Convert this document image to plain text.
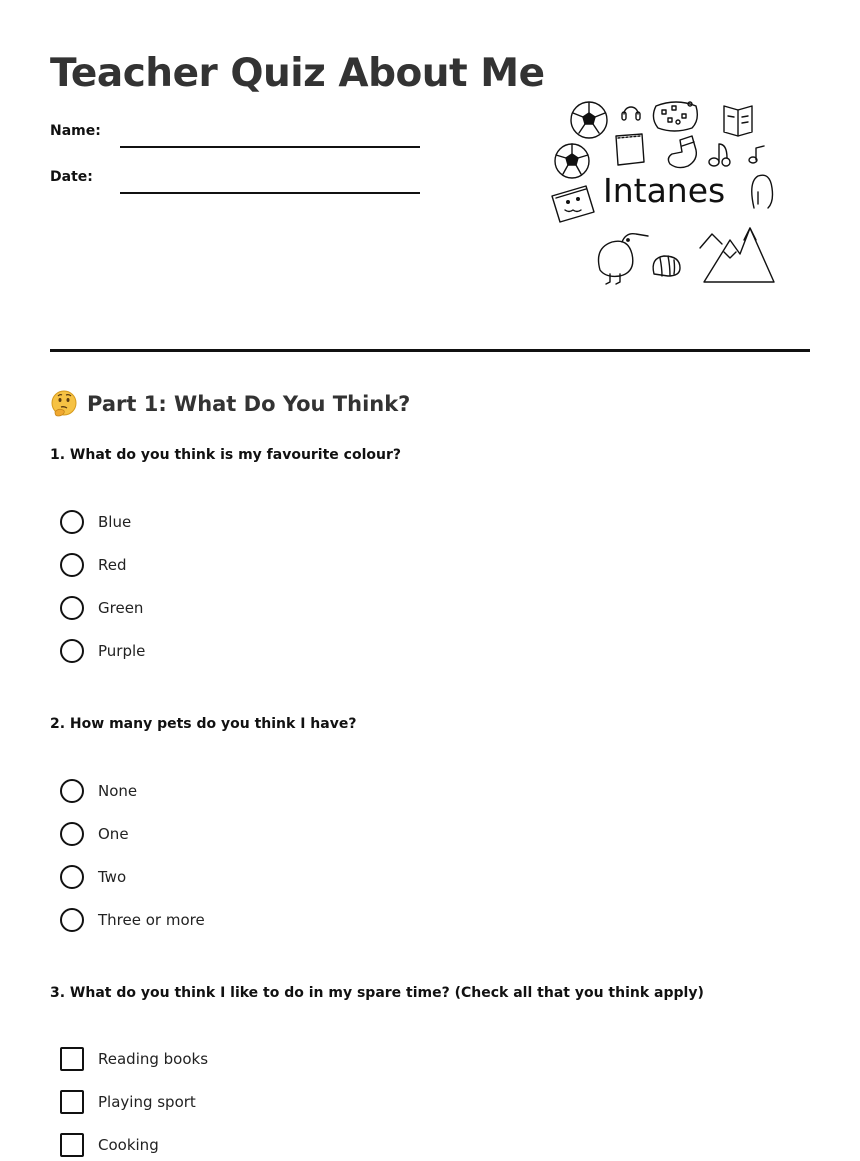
Teacher Quiz About Me
Name:
Date:	Intanes
Part 1: What Do You Think?

1. What do you think is my favourite colour?

Blue
Red
Green
Purple

2. How many pets do you think I have?

None
One
Two
Three or more

3. What do you think I like to do in my spare time? (Check all that you think apply)

Reading books
Playing sport
Cooking
